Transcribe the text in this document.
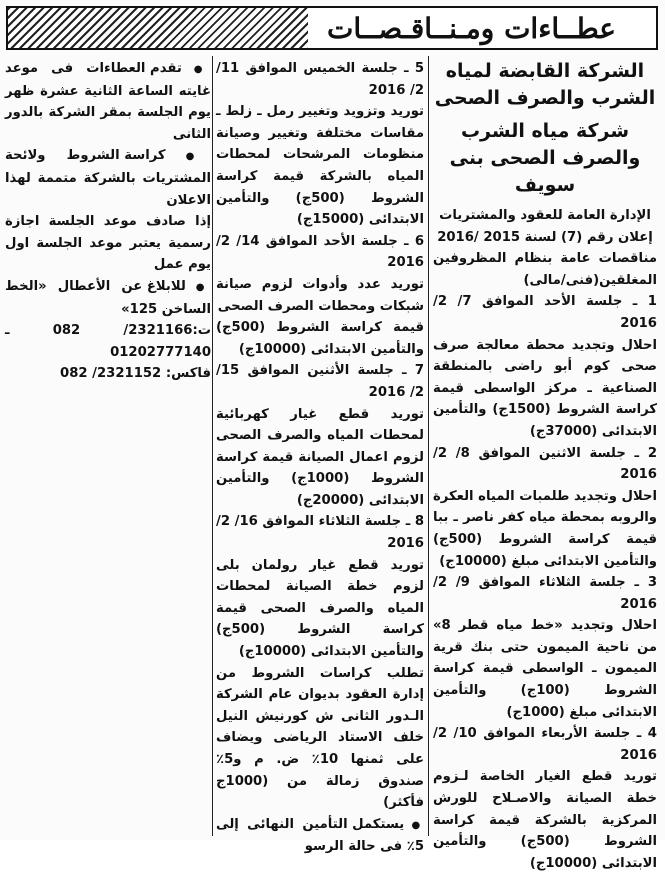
عطــاءات ومـنــاقـصــات
الشركة القابضة لمياه الشرب والصرف الصحى
شركة مياه الشرب والصرف الصحى بنى سويف

الإدارة العامة للعقود والمشتريات

إعلان رقم (7) لسنة 2015 /2016

مناقصات عامة بنظام المظروفين المغلقين(فنى/مالى)

1 ـ جلسة الأحد الموافق 7/ 2/ 2016

احلال وتجديد محطة معالجة صرف صحى كوم أبو راضى بالمنطقة الصناعية ـ مركز الواسطى قيمة كراسة الشروط (1500ج) والتأمين الابتدائى (37000ج)

2 ـ جلسة الاثنين الموافق 8/ 2/ 2016

احلال وتجديد طلمبات المياه العكرة والروبه بمحطة مياه كفر ناصر ـ ببا قيمة كراسة الشروط (500ج) والتأمين الابتدائى مبلغ (10000ج)

3 ـ جلسة الثلاثاء الموافق 9/ 2/ 2016

احلال وتجديد «خط مياه قطر 8» من ناحية الميمون حتى بنك قرية الميمون ـ الواسطى قيمة كراسة الشروط (100ج) والتأمين الابتدائى مبلغ (1000ج)

4 ـ جلسة الأربعاء الموافق 10/ 2/ 2016

توريد قطع الغيار الخاصة لـزوم خطة الصيانة والاصـلاح للورش المركزية بالشركة قيمة كراسة الشروط (500ج) والتأمين الابتدائى (10000ج)

5 ـ جلسة الخميس الموافق 11/ 2/ 2016

توريد وتزويد وتغيير رمل ـ زلط ـ مقاسات مختلفة وتغيير وصيانة منظومات المرشحات لمحطات المياه بالشركة قيمة كراسة الشروط (500ج) والتأمين الابتدائى (15000ج)

6 ـ جلسة الأحد الموافق 14/ 2/ 2016

توريد عدد وأدوات لزوم صيانة شبكات ومحطات الصرف الصحى

قيمة كراسة الشروط (500ج) والتأمين الابتدائى (10000ج)

7 ـ جلسة الأثنين الموافق 15/ 2/ 2016

توريد قطع غيار كهربائية لمحطات المياه والصرف الصحى لزوم اعمال الصيانة قيمة كراسة الشروط (1000ج) والتأمين الابتدائى (20000ج)

8 ـ جلسة الثلاثاء الموافق 16/ 2/ 2016

توريد قطع غيار رولمان بلى لزوم خطة الصيانة لمحطات المياه والصرف الصحى قيمة كراسة الشروط (500ج) والتأمين الابتدائى (10000ج)

تطلب كراسات الشروط من إدارة العقود بديوان عام الشركة الـدور الثانى ش كورنيش النيل خلف الاستاد الرياضى ويضاف على ثمنها 10٪ ض. م و5٪ صندوق زمالة من (1000ج فأكثر)

● يستكمل التأمين النهائى إلى 5٪ فى حالة الرسو

● تقدم العطاءات فى موعد غايته الساعة الثانية عشرة ظهر يوم الجلسة بمقر الشركة بالدور الثانى

● كراسة الشروط ولائحة المشتريات بالشركة متممة لهذا الاعلان

إذا صادف موعد الجلسة اجازة رسمية يعتبر موعد الجلسة اول يوم عمل

● للابلاغ عن الأعطال «الخط الساخن 125»

ت:2321166/ 082 ـ 01202777140

فاكس: 2321152/ 082
